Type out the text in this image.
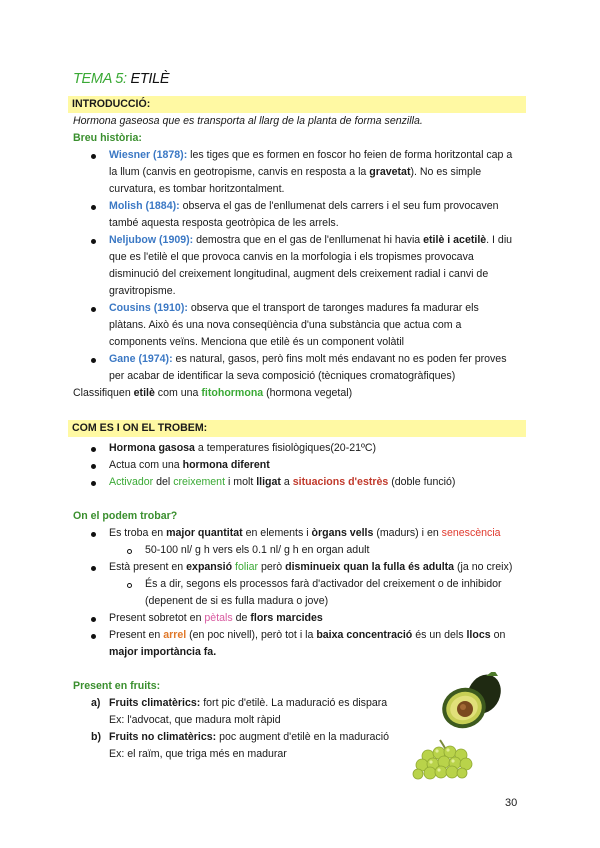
TEMA 5: ETILÈ
INTRODUCCIÓ:
Hormona gaseosa que es transporta al llarg de la planta de forma senzilla.
Breu història:
Wiesner (1878): les tiges que es formen en foscor ho feien de forma horitzontal cap a
la llum (canvis en geotropisme, canvis en resposta a la gravetat). No es simple
curvatura, es tombar horitzontalment.
Molish (1884): observa el gas de l'enllumenat dels carrers i el seu fum provocaven
també aquesta resposta geotròpica de les arrels.
Neljubow (1909): demostra que en el gas de l'enllumenat hi havia etilè i acetilè. I diu
que es l'etilè el que provoca canvis en la morfologia i els tropismes provocava
disminució del creixement longitudinal, augment dels creixement radial i canvi de
gravitropisme.
Cousins (1910): observa que el transport de taronges madures fa madurar els
plàtans. Això és una nova conseqüència d'una substància que actua com a
components veïns. Menciona que etilè és un component volàtil
Gane (1974): es natural, gasos, però fins molt més endavant no es poden fer proves
per acabar de identificar la seva composició (tècniques cromatogràfiques)
Classifiquen etilè com una fitohormona (hormona vegetal)
COM ES I ON EL TROBEM:
Hormona gasosa a temperatures fisiològiques(20-21ºC)
Actua com una hormona diferent
Activador del creixement i molt lligat a situacions d'estrès (doble funció)
On el podem trobar?
Es troba en major quantitat en elements i òrgans vells (madurs) i en senescència
50-100 nl/ g h vers els 0.1 nl/ g h en organ adult
Està present en expansió foliar però disminueix quan la fulla és adulta (ja no creix)
És a dir, segons els processos farà d'activador del creixement o de inhibidor
(depenent de si es fulla madura o jove)
Present sobretot en pètals de flors marcides
Present en arrel (en poc nivell), però tot i la baixa concentració és un dels llocs on
major importància fa.
Present en fruits:
a) Fruits climatèrics: fort pic d'etilè. La maduració es dispara
Ex: l'advocat, que madura molt ràpid
b) Fruits no climatèrics: poc augment d'etilè en la maduració
Ex: el raïm, que triga més en madurar
30
